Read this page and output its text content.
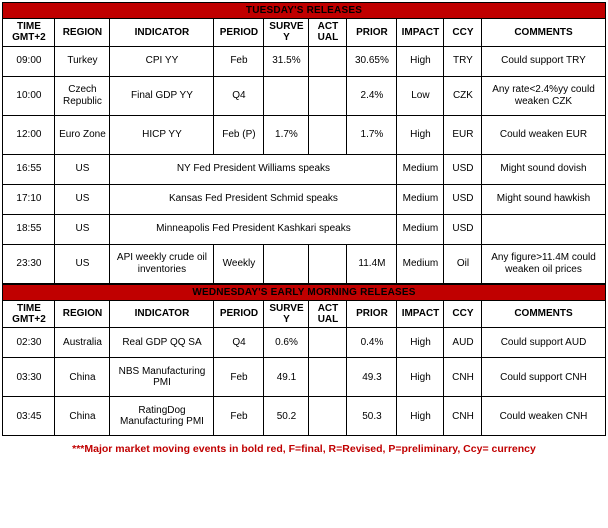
TUESDAY'S RELEASES									
TIME GMT+2	REGION	INDICATOR	PERIOD	SURVE Y	ACT UAL	PRIOR	IMPACT	CCY	COMMENTS
09:00	Turkey	CPI YY	Feb	31.5%		30.65%	High	TRY	Could support TRY
10:00	Czech Republic	Final GDP YY	Q4			2.4%	Low	CZK	Any rate<2.4%yy could weaken CZK
12:00	Euro Zone	HICP YY	Feb (P)	1.7%		1.7%	High	EUR	Could weaken EUR
16:55	US	NY Fed President Williams speaks					Medium	USD	Might sound dovish
17:10	US	Kansas Fed President Schmid speaks					Medium	USD	Might sound hawkish
18:55	US	Minneapolis Fed President Kashkari speaks					Medium	USD	
23:30	US	API weekly crude oil inventories	Weekly			11.4M	Medium	Oil	Any figure>11.4M could weaken oil prices
WEDNESDAY'S EARLY MORNING RELEASES									
TIME GMT+2	REGION	INDICATOR	PERIOD	SURVE Y	ACT UAL	PRIOR	IMPACT	CCY	COMMENTS
02:30	Australia	Real GDP QQ SA	Q4	0.6%		0.4%	High	AUD	Could support AUD
03:30	China	NBS Manufacturing PMI	Feb	49.1		49.3	High	CNH	Could support CNH
03:45	China	RatingDog Manufacturing PMI	Feb	50.2		50.3	High	CNH	Could weaken CNH
***Major market moving events in bold red, F=final, R=Revised, P=preliminary, Ccy= currency
